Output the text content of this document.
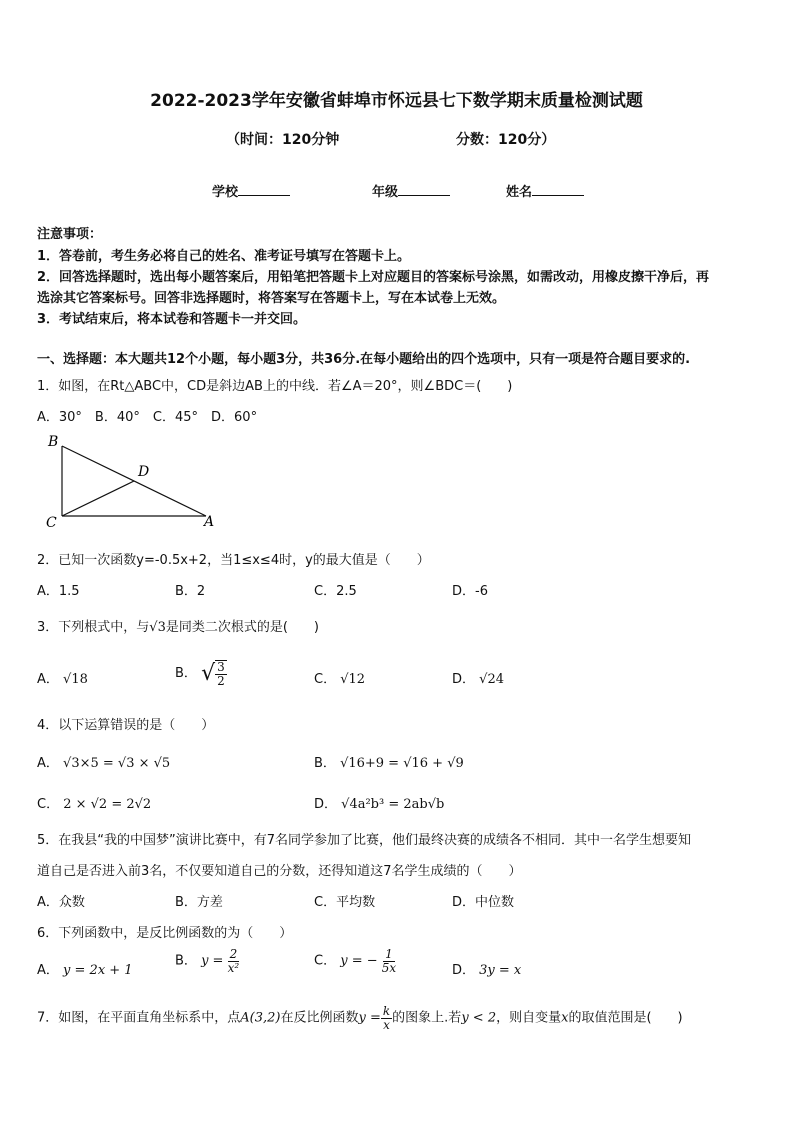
2022-2023学年安徽省蚌埠市怀远县七下数学期末质量检测试题
（时间：120分钟	分数：120分）
学校	年级	姓名
注意事项：
1．答卷前，考生务必将自己的姓名、准考证号填写在答题卡上。
2．回答选择题时，选出每小题答案后，用铅笔把答题卡上对应题目的答案标号涂黑，如需改动，用橡皮擦干净后，再
选涂其它答案标号。回答非选择题时，将答案写在答题卡上，写在本试卷上无效。
3．考试结束后，将本试卷和答题卡一并交回。
一、选择题：本大题共12个小题，每小题3分，共36分.在每小题给出的四个选项中，只有一项是符合题目要求的.
1．如图，在Rt△ABC中，CD是斜边AB上的中线．若∠A＝20°，则∠BDC＝(　　)
A．30°　B．40°　C．45°　D．60°
B
D
C	A
2．已知一次函数y=-0.5x+2，当1≤x≤4时，y的最大值是（　　）
A．1.5	B．2	C．2.5	D．-6
3．下列根式中，与√3是同类二次根式的是(　　)
A． √18	B． √ $\frac{3}{2}$	C． √12	D． √24
4．以下运算错误的是（　　）
A． √3×5 = √3 × √5	B． √16+9 = √16 + √9
C． 2 × √2 = 2√2	D． √4a²b³ = 2ab√b
5．在我县“我的中国梦”演讲比赛中，有7名同学参加了比赛，他们最终决赛的成绩各不相同．其中一名学生想要知
道自己是否进入前3名，不仅要知道自己的分数，还得知道这7名学生成绩的（　　）
A．众数	B．方差	C．平均数	D．中位数
6．下列函数中，是反比例函数的为（　　）
A． y = 2x + 1
B． $y = \frac{2}{\text{x²}}$	C． y = − $\frac{1}{5x}$	D． 3y = x
7．如图，在平面直角坐标系中，点A(3,2)在反比例函数$y = \frac{k}{x}$ 的图象上.若y < 2，则自变量x的取值范围是(　　)
